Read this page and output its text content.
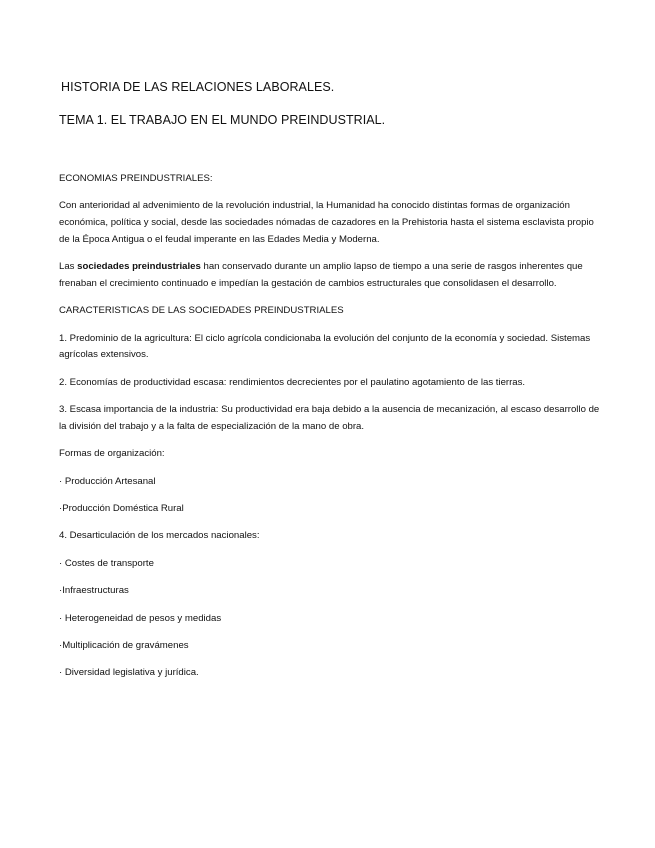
HISTORIA DE LAS RELACIONES LABORALES.
TEMA 1. EL TRABAJO EN EL MUNDO PREINDUSTRIAL.

ECONOMIAS PREINDUSTRIALES:

Con anterioridad al advenimiento de la revolución industrial, la Humanidad ha conocido distintas formas de organización económica, política y social, desde las sociedades nómadas de cazadores en la Prehistoria hasta el sistema esclavista propio de la Época Antigua o el feudal imperante en las Edades Media y Moderna.

Las sociedades preindustriales han conservado durante un amplio lapso de tiempo a una serie de rasgos inherentes que frenaban el crecimiento continuado e impedían la gestación de cambios estructurales que consolidasen el desarrollo.

CARACTERISTICAS DE LAS SOCIEDADES PREINDUSTRIALES

1. Predominio de la agricultura: El ciclo agrícola condicionaba la evolución del conjunto de la economía y sociedad. Sistemas agrícolas extensivos.

2. Economías de productividad escasa: rendimientos decrecientes por el paulatino agotamiento de las tierras.

3. Escasa importancia de la industria: Su productividad era baja debido a la ausencia de mecanización, al escaso desarrollo de la división del trabajo y a la falta de especialización de la mano de obra.

Formas de organización:

· Producción Artesanal

·Producción Doméstica Rural

4. Desarticulación de los mercados nacionales:

· Costes de transporte

·Infraestructuras

· Heterogeneidad de pesos y medidas

·Multiplicación de gravámenes

· Diversidad legislativa y jurídica.
